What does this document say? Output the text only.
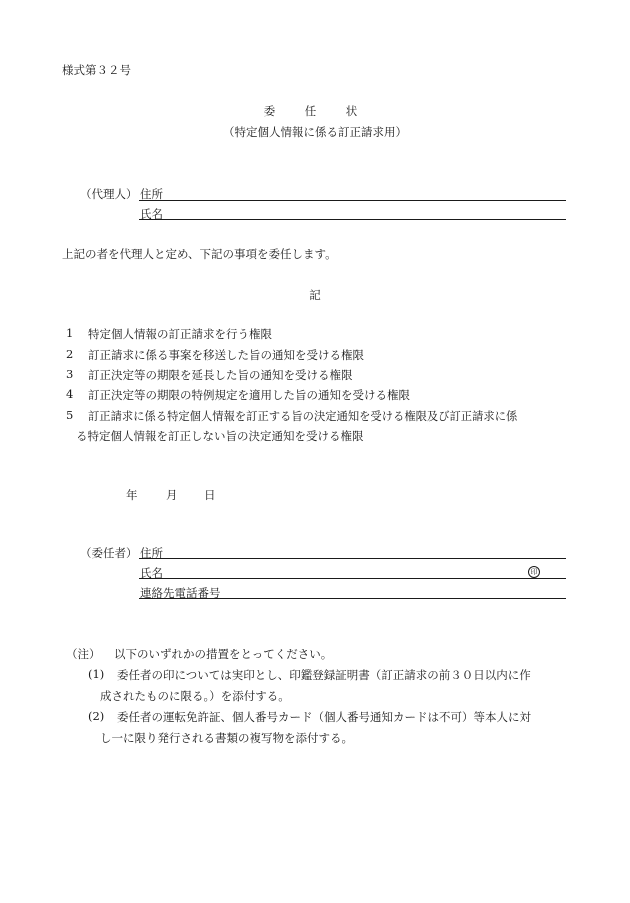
様式第３２号
委　任　状
（特定個人情報に係る訂正請求用）
（代理人） 住所
氏名
上記の者を代理人と定め、下記の事項を委任します。
記
1 特定個人情報の訂正請求を行う権限
2 訂正請求に係る事案を移送した旨の通知を受ける権限
3 訂正決定等の期限を延長した旨の通知を受ける権限
4 訂正決定等の期限の特例規定を適用した旨の通知を受ける権限
5 訂正請求に係る特定個人情報を訂正する旨の決定通知を受ける権限及び訂正請求に係
る特定個人情報を訂正しない旨の決定通知を受ける権限
年 月 日
（委任者） 住所
氏名	印
連絡先電話番号
（注） 以下のいずれかの措置をとってください。
(1) 委任者の印については実印とし、印鑑登録証明書（訂正請求の前３０日以内に作
成されたものに限る。）を添付する。
(2) 委任者の運転免許証、個人番号カード（個人番号通知カードは不可）等本人に対
し一に限り発行される書類の複写物を添付する。
